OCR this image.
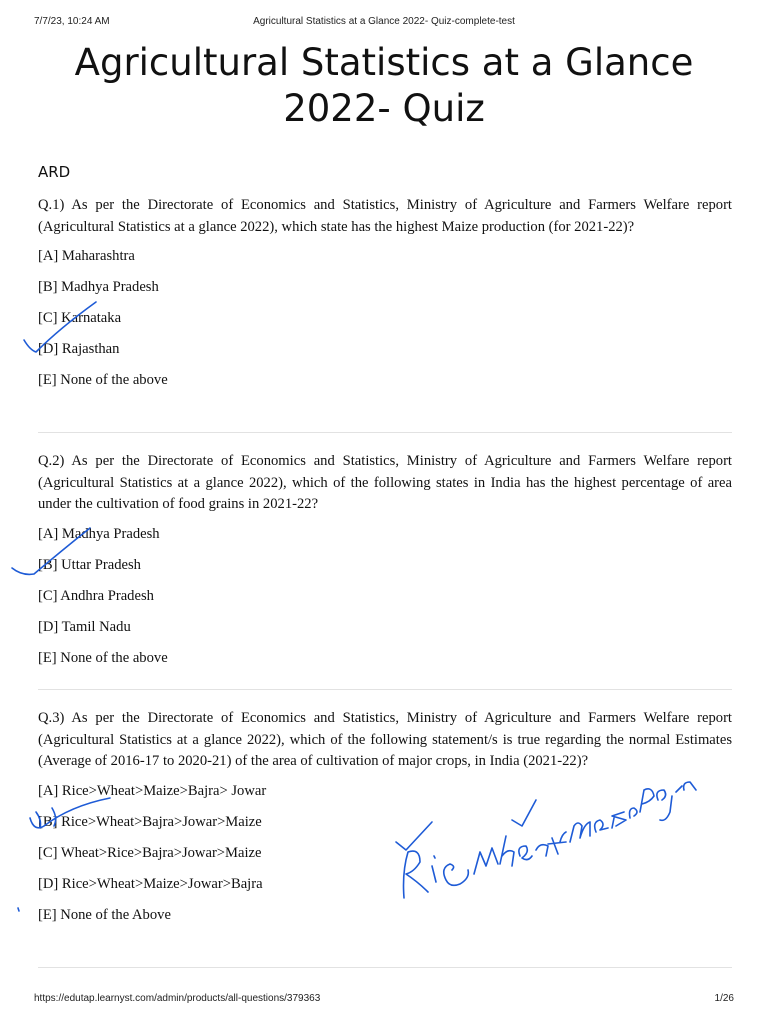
7/7/23, 10:24 AM	Agricultural Statistics at a Glance 2022- Quiz-complete-test
Agricultural Statistics at a Glance
2022- Quiz
ARD

Q.1) As per the Directorate of Economics and Statistics, Ministry of Agriculture and Farmers Welfare report (Agricultural Statistics at a glance 2022), which state has the highest Maize production (for 2021-22)?

[A] Maharashtra
[B] Madhya Pradesh
[C] Karnataka
[D] Rajasthan
[E] None of the above

Q.2) As per the Directorate of Economics and Statistics, Ministry of Agriculture and Farmers Welfare report (Agricultural Statistics at a glance 2022), which of the following states in India has the highest percentage of area under the cultivation of food grains in 2021-22?

[A] Madhya Pradesh
[B] Uttar Pradesh
[C] Andhra Pradesh
[D] Tamil Nadu
[E] None of the above

Q.3) As per the Directorate of Economics and Statistics, Ministry of Agriculture and Farmers Welfare report (Agricultural Statistics at a glance 2022), which of the following statement/s is true regarding the normal Estimates (Average of 2016-17 to 2020-21) of the area of cultivation of major crops, in India (2021-22)?

[A] Rice>Wheat>Maize>Bajra> Jowar
[B] Rice>Wheat>Bajra>Jowar>Maize
[C] Wheat>Rice>Bajra>Jowar>Maize
[D] Rice>Wheat>Maize>Jowar>Bajra
[E] None of the Above
https://edutap.learnyst.com/admin/products/all-questions/379363	1/26
